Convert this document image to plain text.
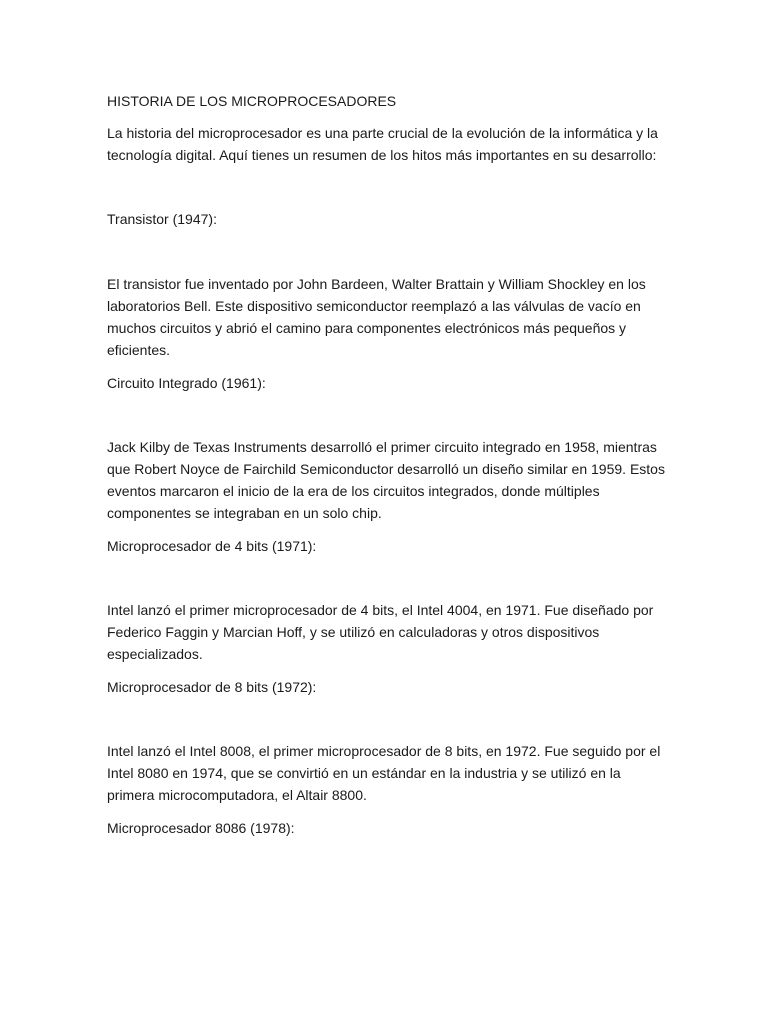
HISTORIA DE LOS MICROPROCESADORES

La historia del microprocesador es una parte crucial de la evolución de la informática y la tecnología digital. Aquí tienes un resumen de los hitos más importantes en su desarrollo:

Transistor (1947):

El transistor fue inventado por John Bardeen, Walter Brattain y William Shockley en los laboratorios Bell. Este dispositivo semiconductor reemplazó a las válvulas de vacío en muchos circuitos y abrió el camino para componentes electrónicos más pequeños y eficientes.

Circuito Integrado (1961):

Jack Kilby de Texas Instruments desarrolló el primer circuito integrado en 1958, mientras que Robert Noyce de Fairchild Semiconductor desarrolló un diseño similar en 1959. Estos eventos marcaron el inicio de la era de los circuitos integrados, donde múltiples componentes se integraban en un solo chip.

Microprocesador de 4 bits (1971):

Intel lanzó el primer microprocesador de 4 bits, el Intel 4004, en 1971. Fue diseñado por Federico Faggin y Marcian Hoff, y se utilizó en calculadoras y otros dispositivos especializados.

Microprocesador de 8 bits (1972):

Intel lanzó el Intel 8008, el primer microprocesador de 8 bits, en 1972. Fue seguido por el Intel 8080 en 1974, que se convirtió en un estándar en la industria y se utilizó en la primera microcomputadora, el Altair 8800.

Microprocesador 8086 (1978):
